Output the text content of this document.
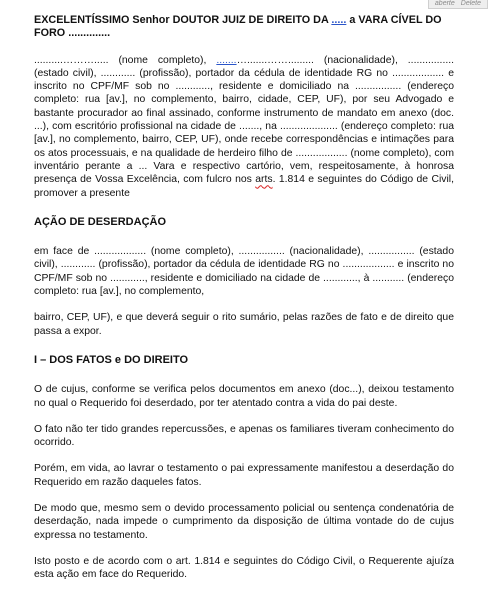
aberte Delete
EXCELENTÍSSIMO Senhor DOUTOR JUIZ DE DIREITO DA ..... a VARA CÍVEL DO FORO ..............
..........………..... (nome completo), .......….......……......... (nacionalidade), ................ (estado civil), ............ (profissão), portador da cédula de identidade RG no .................. e inscrito no CPF/MF sob no ............, residente e domiciliado na ................ (endereço completo: rua [av.], no complemento, bairro, cidade, CEP, UF), por seu Advogado e bastante procurador ao final assinado, conforme instrumento de mandato em anexo (doc. ...), com escritório profissional na cidade de ......., na .................... (endereço completo: rua [av.], no complemento, bairro, CEP, UF), onde recebe correspondências e intimações para os atos processuais, e na qualidade de herdeiro filho de .................. (nome completo), com inventário perante a ... Vara e respectivo cartório, vem, respeitosamente, à honrosa presença de Vossa Excelência, com fulcro nos arts. 1.814 e seguintes do Código de Civil, promover a presente
AÇÃO DE DESERDAÇÃO
em face de .................. (nome completo), ................ (nacionalidade), ................ (estado civil), ............ (profissão), portador da cédula de identidade RG no .................. e inscrito no CPF/MF sob no ............, residente e domiciliado na cidade de ............, à ........... (endereço completo: rua [av.], no complemento,
bairro, CEP, UF), e que deverá seguir o rito sumário, pelas razões de fato e de direito que passa a expor.
I – DOS FATOS e DO DIREITO
O de cujus, conforme se verifica pelos documentos em anexo (doc...), deixou testamento no qual o Requerido foi deserdado, por ter atentado contra a vida do pai deste.
O fato não ter tido grandes repercussões, e apenas os familiares tiveram conhecimento do ocorrido.
Porém, em vida, ao lavrar o testamento o pai expressamente manifestou a deserdação do Requerido em razão daqueles fatos.
De modo que, mesmo sem o devido processamento policial ou sentença condenatória de deserdação, nada impede o cumprimento da disposição de última vontade do de cujus expressa no testamento.
Isto posto e de acordo com o art. 1.814 e seguintes do Código Civil, o Requerente ajuíza esta ação em face do Requerido.
